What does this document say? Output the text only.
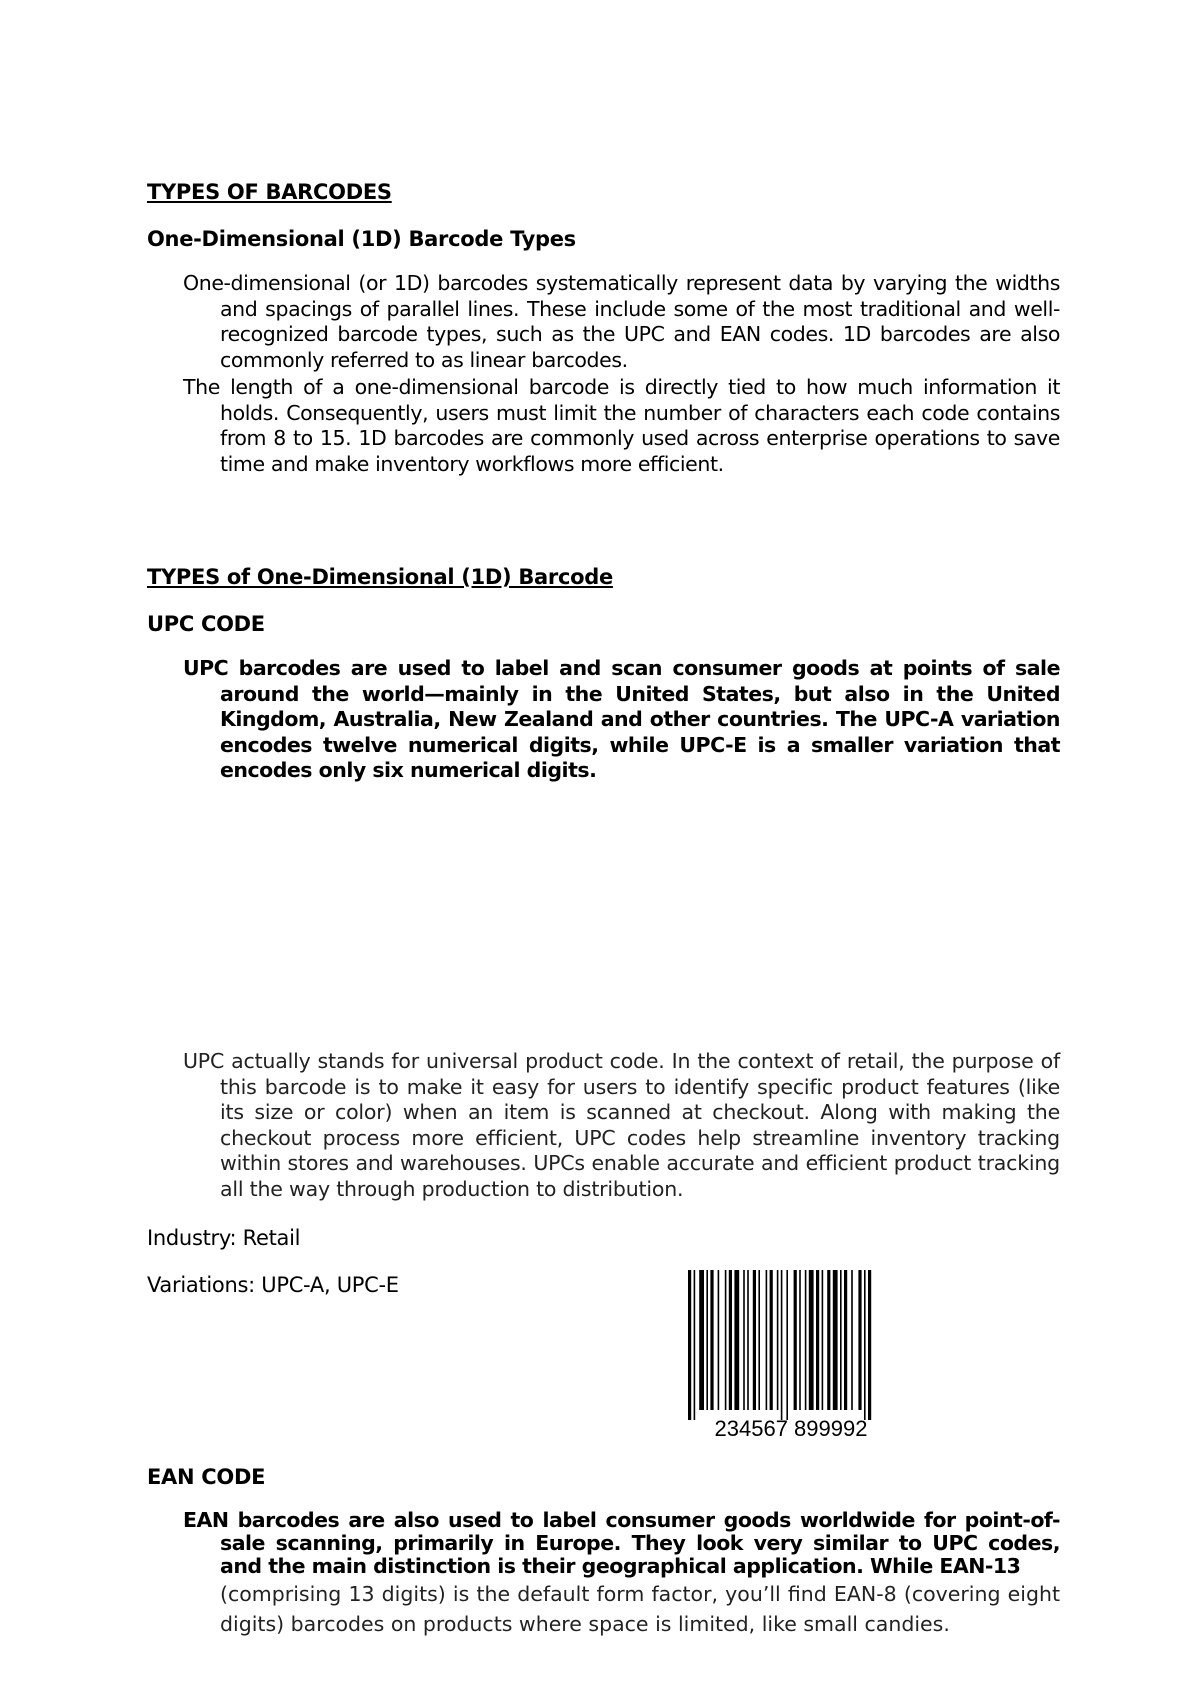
TYPES OF BARCODES
One-Dimensional (1D) Barcode Types

One-dimensional (or 1D) barcodes systematically represent data by varying the widths and spacings of parallel lines. These include some of the most traditional and well-recognized barcode types, such as the UPC and EAN codes. 1D barcodes are also commonly referred to as linear barcodes.

The length of a one-dimensional barcode is directly tied to how much information it holds. Consequently, users must limit the number of characters each code contains from 8 to 15. 1D barcodes are commonly used across enterprise operations to save time and make inventory workflows more efficient.

TYPES of One-Dimensional (1D) Barcode
UPC CODE

UPC barcodes are used to label and scan consumer goods at points of sale around the world—mainly in the United States, but also in the United Kingdom, Australia, New Zealand and other countries. The UPC-A variation encodes twelve numerical digits, while UPC-E is a smaller variation that encodes only six numerical digits.

UPC actually stands for universal product code. In the context of retail, the purpose of this barcode is to make it easy for users to identify specific product features (like its size or color) when an item is scanned at checkout. Along with making the checkout process more efficient, UPC codes help streamline inventory tracking within stores and warehouses. UPCs enable accurate and efficient product tracking all the way through production to distribution.

Industry: Retail
Variations: UPC-A, UPC-E
234567 899992
EAN CODE

EAN barcodes are also used to label consumer goods worldwide for point-of-sale scanning, primarily in Europe. They look very similar to UPC codes, and the main distinction is their geographical application. While EAN-13

(comprising 13 digits) is the default form factor, you’ll find EAN-8 (covering eight digits) barcodes on products where space is limited, like small candies.
